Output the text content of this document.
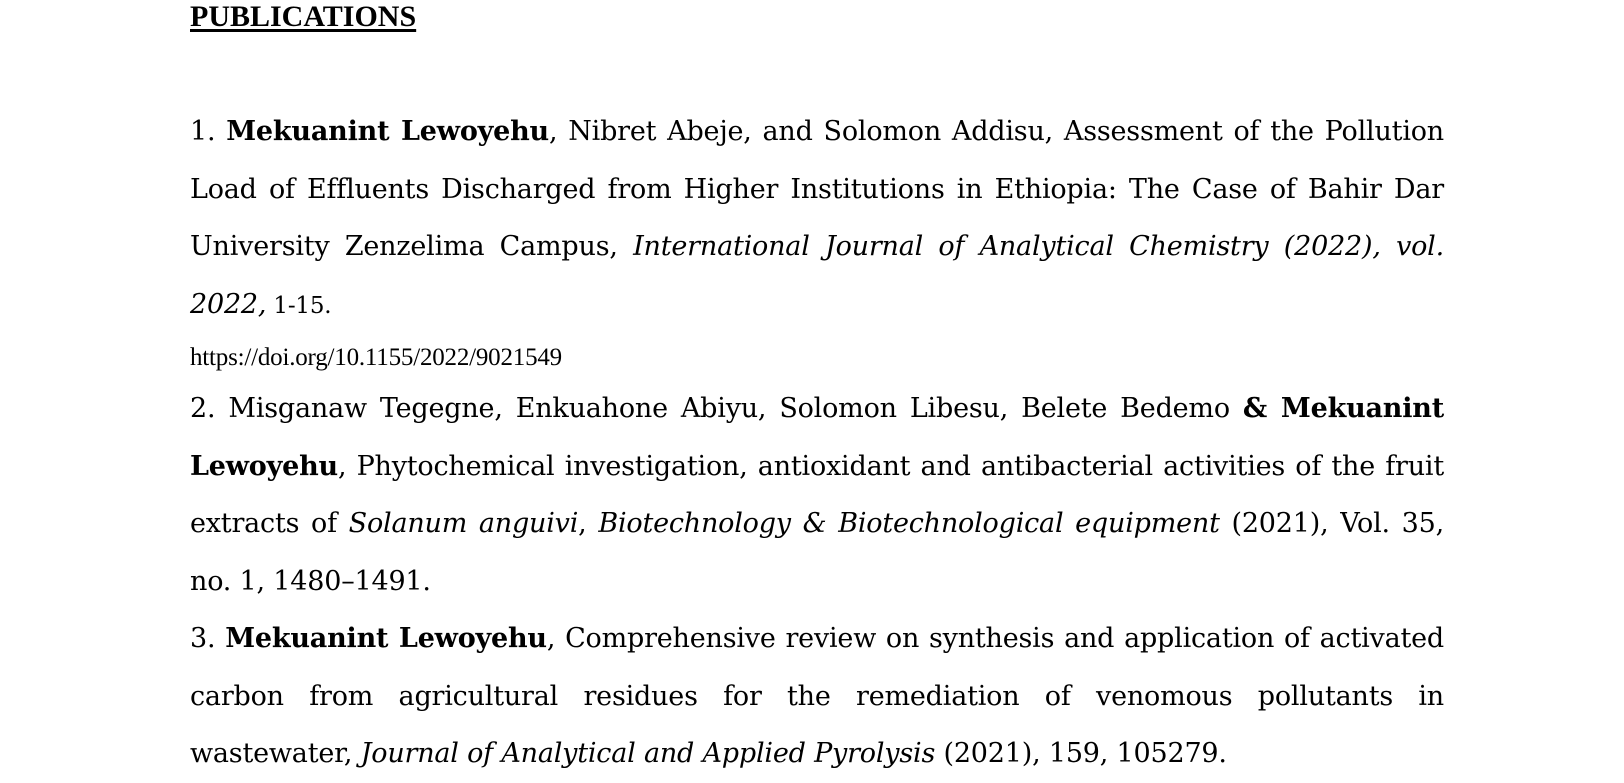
PUBLICATIONS

1. Mekuanint Lewoyehu, Nibret Abeje, and Solomon Addisu, Assessment of the Pollution Load of Effluents Discharged from Higher Institutions in Ethiopia: The Case of Bahir Dar University Zenzelima Campus, International Journal of Analytical Chemistry (2022), vol. 2022, 1-15.
https://doi.org/10.1155/2022/9021549

2. Misganaw Tegegne, Enkuahone Abiyu, Solomon Libesu, Belete Bedemo & Mekuanint Lewoyehu, Phytochemical investigation, antioxidant and antibacterial activities of the fruit extracts of Solanum anguivi, Biotechnology & Biotechnological equipment (2021), Vol. 35, no. 1, 1480–1491.

3. Mekuanint Lewoyehu, Comprehensive review on synthesis and application of activated carbon from agricultural residues for the remediation of venomous pollutants in wastewater, Journal of Analytical and Applied Pyrolysis (2021), 159, 105279.
